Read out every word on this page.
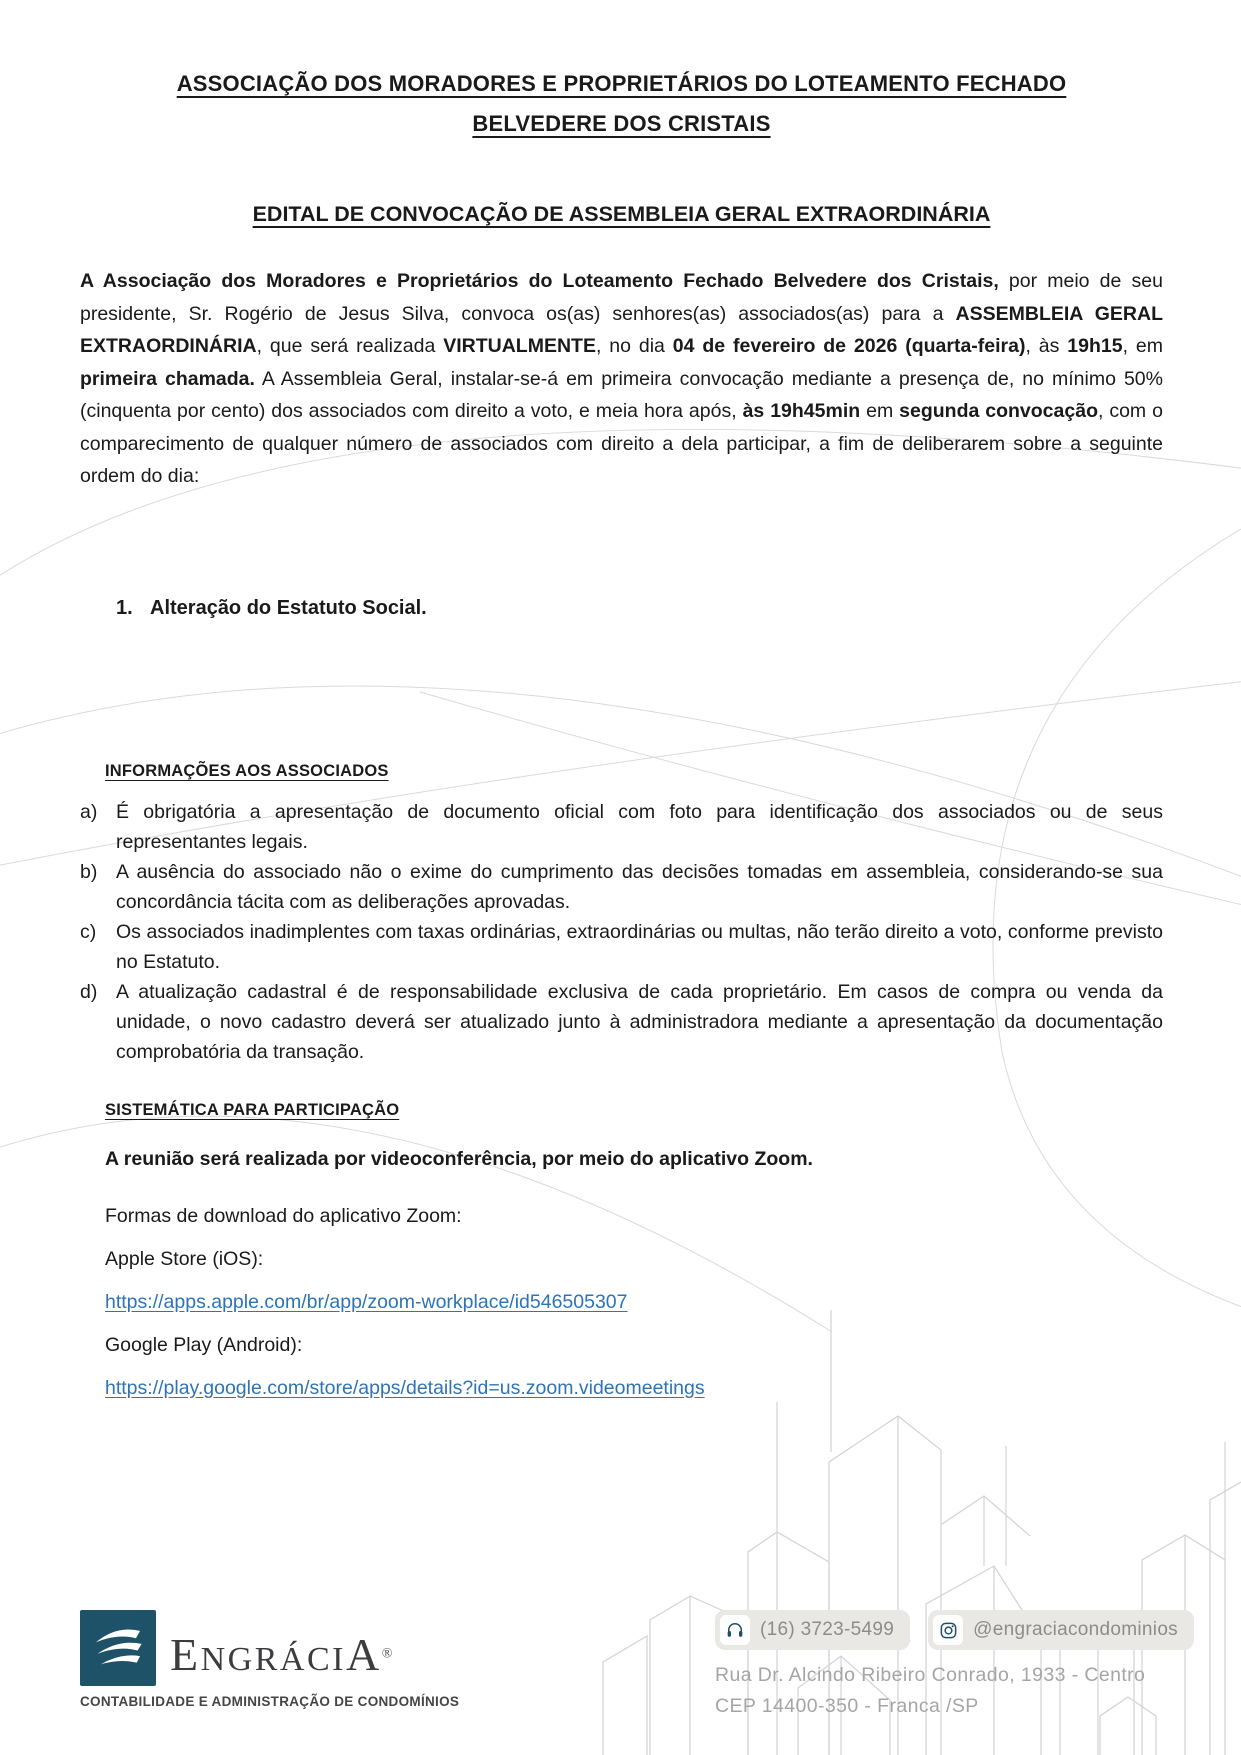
ASSOCIAÇÃO DOS MORADORES E PROPRIETÁRIOS DO LOTEAMENTO FECHADO
BELVEDERE DOS CRISTAIS
EDITAL DE CONVOCAÇÃO DE ASSEMBLEIA GERAL EXTRAORDINÁRIA

A Associação dos Moradores e Proprietários do Loteamento Fechado Belvedere dos Cristais, por meio de seu presidente, Sr. Rogério de Jesus Silva, convoca os(as) senhores(as) associados(as) para a ASSEMBLEIA GERAL EXTRAORDINÁRIA, que será realizada VIRTUALMENTE, no dia 04 de fevereiro de 2026 (quarta-feira), às 19h15, em primeira chamada. A Assembleia Geral, instalar-se-á em primeira convocação mediante a presença de, no mínimo 50% (cinquenta por cento) dos associados com direito a voto, e meia hora após, às 19h45min em segunda convocação, com o comparecimento de qualquer número de associados com direito a dela participar, a fim de deliberarem sobre a seguinte ordem do dia:

1. Alteração do Estatuto Social.
INFORMAÇÕES AOS ASSOCIADOS
a) É obrigatória a apresentação de documento oficial com foto para identificação dos associados ou de seus representantes legais.
b) A ausência do associado não o exime do cumprimento das decisões tomadas em assembleia, considerando-se sua concordância tácita com as deliberações aprovadas.
c)	Os associados inadimplentes com taxas ordinárias, extraordinárias ou multas, não terão direito a voto, conforme previsto no Estatuto.
d) A atualização cadastral é de responsabilidade exclusiva de cada proprietário. Em casos de compra ou venda da unidade, o novo cadastro deverá ser atualizado junto à administradora mediante a apresentação da documentação comprobatória da transação.
SISTEMÁTICA PARA PARTICIPAÇÃO
A reunião será realizada por videoconferência, por meio do aplicativo Zoom.
Formas de download do aplicativo Zoom:
Apple Store (iOS):
https://apps.apple.com/br/app/zoom-workplace/id546505307
Google Play (Android):
https://play.google.com/store/apps/details?id=us.zoom.videomeetings
ENGRÁCIA®
CONTABILIDADE E ADMINISTRAÇÃO DE CONDOMÍNIOS
(16) 3723-5499	@engraciacondominios
Rua Dr. Alcindo Ribeiro Conrado, 1933 - Centro
CEP 14400-350 - Franca /SP
